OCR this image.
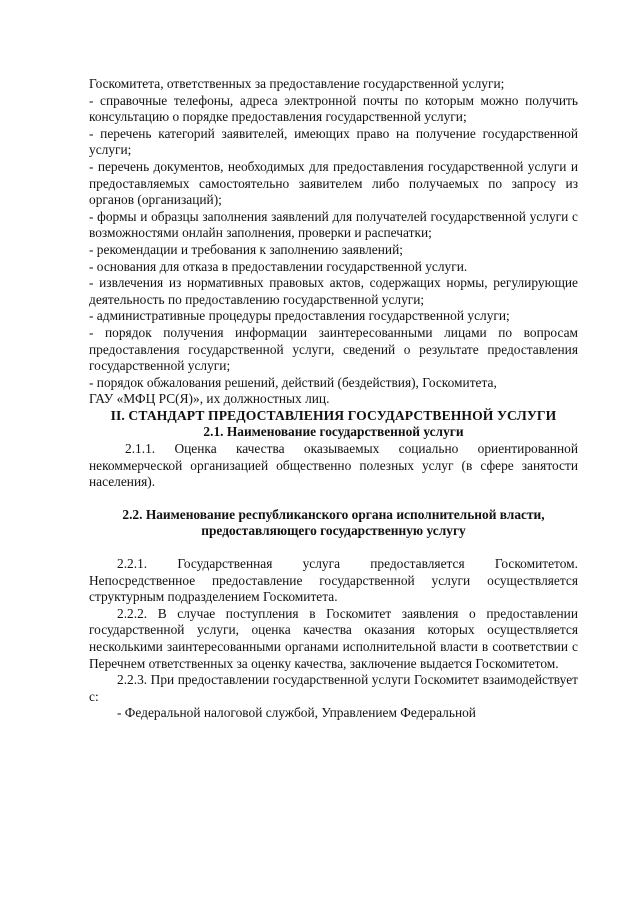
Госкомитета, ответственных за предоставление государственной услуги;

- справочные телефоны, адреса электронной почты по которым можно получить консультацию о порядке предоставления государственной услуги;

- перечень категорий заявителей, имеющих право на получение государственной услуги;

- перечень документов, необходимых для предоставления государственной услуги и предоставляемых самостоятельно заявителем либо получаемых по запросу из органов (организаций);

- формы и образцы заполнения заявлений для получателей государственной услуги с возможностями онлайн заполнения, проверки и распечатки;

- рекомендации и требования к заполнению заявлений;

- основания для отказа в предоставлении государственной услуги.

- извлечения из нормативных правовых актов, содержащих нормы, регулирующие деятельность по предоставлению государственной услуги;

- административные процедуры предоставления государственной услуги;

- порядок получения информации заинтересованными лицами по вопросам предоставления государственной услуги, сведений о результате предоставления государственной услуги;

- порядок обжалования решений, действий (бездействия), Госкомитета,

ГАУ «МФЦ РС(Я)», их должностных лиц.

II. СТАНДАРТ ПРЕДОСТАВЛЕНИЯ ГОСУДАРСТВЕННОЙ УСЛУГИ

2.1. Наименование государственной услуги

2.1.1. Оценка качества оказываемых социально ориентированной некоммерческой организацией общественно полезных услуг (в сфере занятости населения).

2.2. Наименование республиканского органа исполнительной власти,

предоставляющего государственную услугу

2.2.1. Государственная услуга предоставляется Госкомитетом. Непосредственное предоставление государственной услуги осуществляется структурным подразделением Госкомитета.

2.2.2. В случае поступления в Госкомитет заявления о предоставлении государственной услуги, оценка качества оказания которых осуществляется несколькими заинтересованными органами исполнительной власти в соответствии с Перечнем ответственных за оценку качества, заключение выдается Госкомитетом.

2.2.3. При предоставлении государственной услуги Госкомитет взаимодействует с:

- Федеральной налоговой службой, Управлением Федеральной
